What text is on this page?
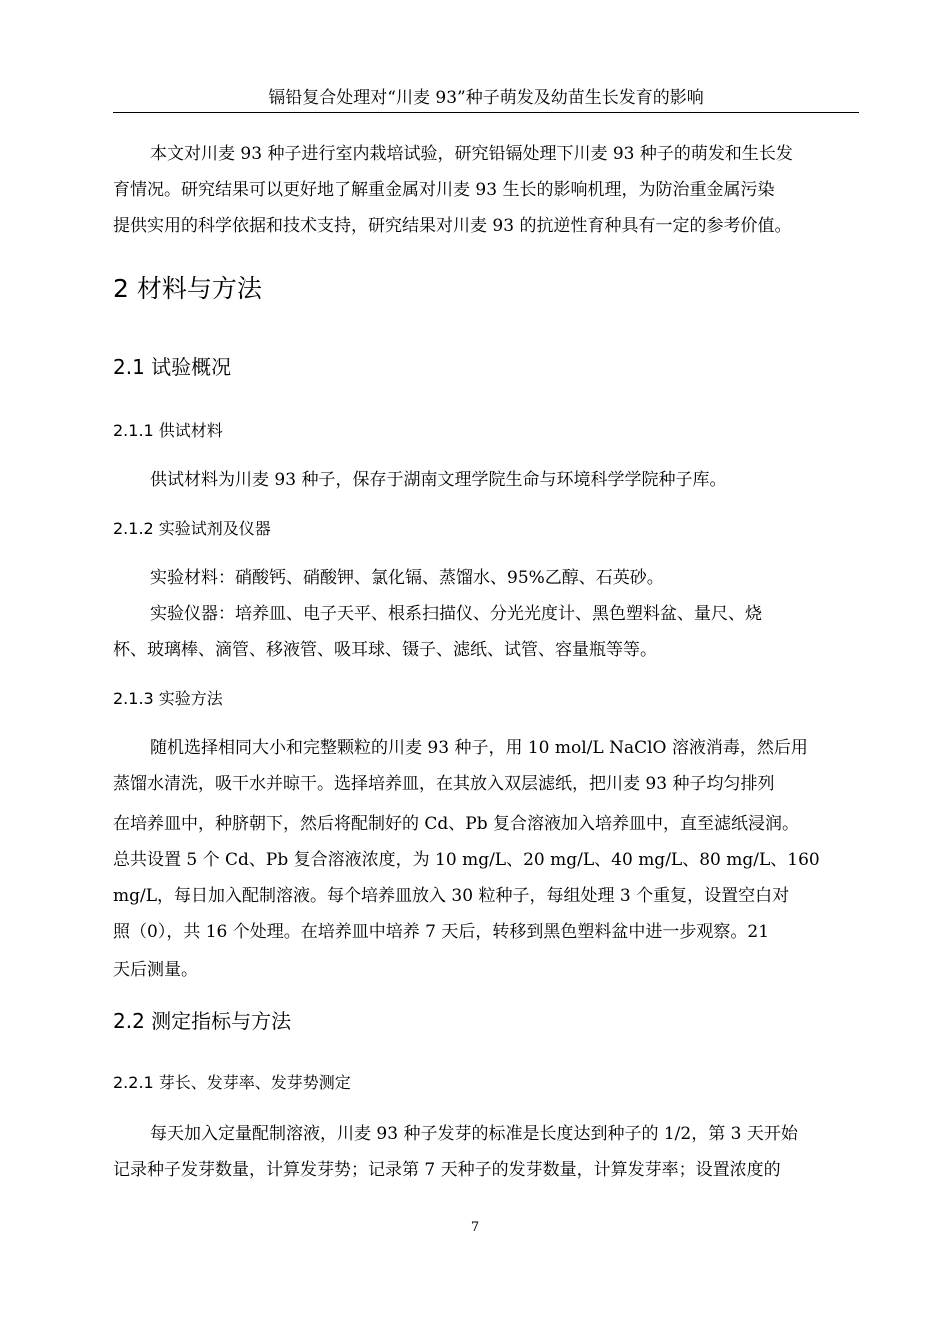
镉铅复合处理对“川麦 93”种子萌发及幼苗生长发育的影响
本文对川麦 93 种子进行室内栽培试验，研究铅镉处理下川麦 93 种子的萌发和生长发
育情况。研究结果可以更好地了解重金属对川麦 93 生长的影响机理，为防治重金属污染
提供实用的科学依据和技术支持，研究结果对川麦 93 的抗逆性育种具有一定的参考价值。
2 材料与方法
2.1 试验概况
2.1.1 供试材料
供试材料为川麦 93 种子，保存于湖南文理学院生命与环境科学学院种子库。
2.1.2 实验试剂及仪器
实验材料：硝酸钙、硝酸钾、氯化镉、蒸馏水、95%乙醇、石英砂。
实验仪器：培养皿、电子天平、根系扫描仪、分光光度计、黑色塑料盆、量尺、烧
杯、玻璃棒、滴管、移液管、吸耳球、镊子、滤纸、试管、容量瓶等等。
2.1.3 实验方法
随机选择相同大小和完整颗粒的川麦 93 种子，用 10 mol/L NaClO 溶液消毒，然后用
蒸馏水清洗，吸干水并晾干。选择培养皿，在其放入双层滤纸，把川麦 93 种子均匀排列
在培养皿中，种脐朝下，然后将配制好的 Cd、Pb 复合溶液加入培养皿中，直至滤纸浸润。
总共设置 5 个 Cd、Pb 复合溶液浓度，为 10 mg/L、20 mg/L、40 mg/L、80 mg/L、160
mg/L，每日加入配制溶液。每个培养皿放入 30 粒种子，每组处理 3 个重复，设置空白对
照（0），共 16 个处理。在培养皿中培养 7 天后，转移到黑色塑料盆中进一步观察。21
天后测量。
2.2 测定指标与方法
2.2.1 芽长、发芽率、发芽势测定
每天加入定量配制溶液，川麦 93 种子发芽的标准是长度达到种子的 1/2，第 3 天开始
记录种子发芽数量，计算发芽势；记录第 7 天种子的发芽数量，计算发芽率；设置浓度的
7
